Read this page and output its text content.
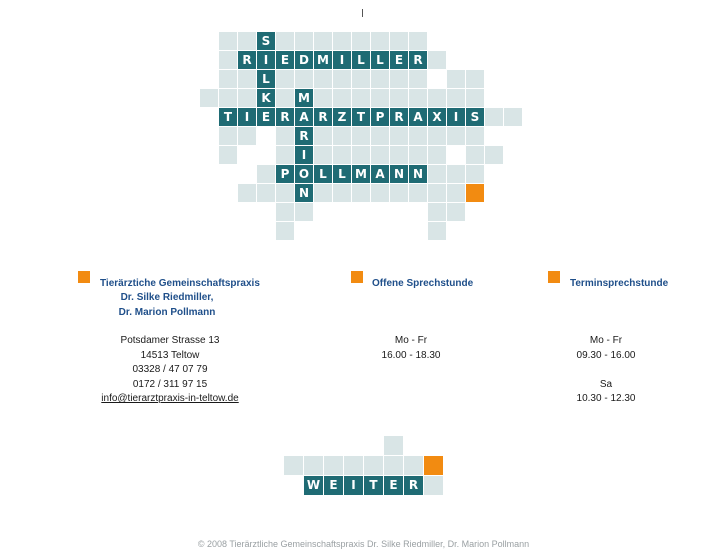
S
I
L
K
E
R	E D M I	L L E R
M
A
R
I
O
N
T	I	R	R Z T P R A X	I	S
P	L L M A N N
Tierärztiche Gemeinschaftspraxis
Dr. Silke Riedmiller,
Dr. Marion Pollmann
Potsdamer Strasse 13
14513 Teltow
03328 / 47 07 79
0172 / 311 97 15
info@tierarztpraxis-in-teltow.de
Offene Sprechstunde
Mo - Fr
16.00 - 18.30
Terminsprechstunde
Mo - Fr
09.30 - 16.00
Sa
10.30 - 12.30
W E	I	T E R
© 2008 Tierärztliche Gemeinschaftspraxis Dr. Silke Riedmiller, Dr. Marion Pollmann
